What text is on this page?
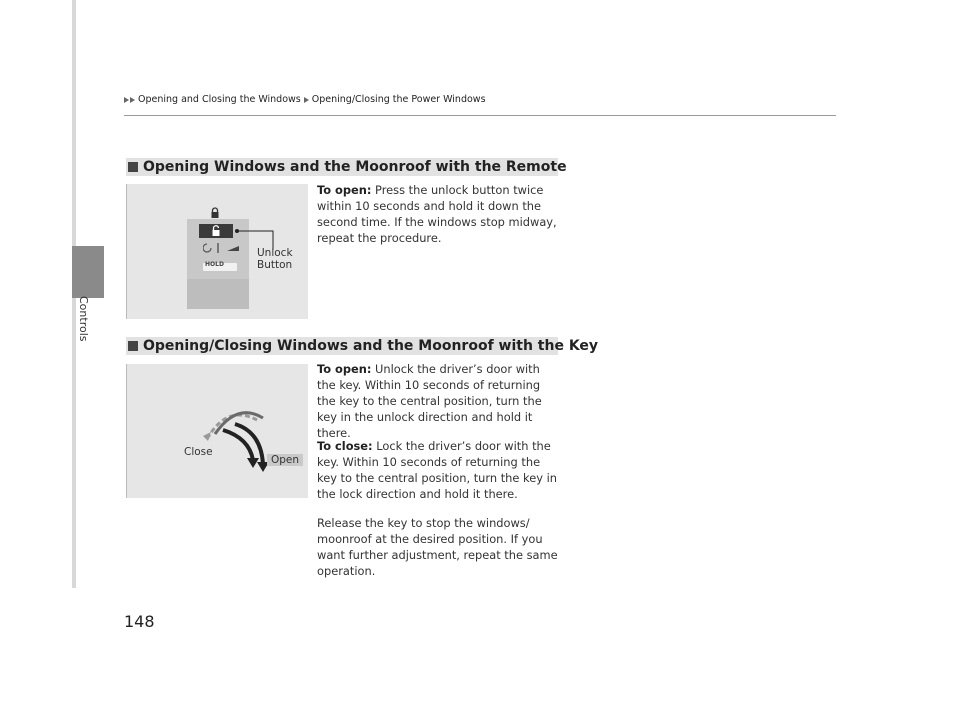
Controls
Opening and Closing the Windows Opening/Closing the Power Windows
Opening Windows and the Moonroof with the Remote
HOLD
Unlock
Button
To open: Press the unlock button twice within 10 seconds and hold it down the second time. If the windows stop midway, repeat the procedure.
Opening/Closing Windows and the Moonroof with the Key
Close
Open
To open: Unlock the driver’s door with the key. Within 10 seconds of returning the key to the central position, turn the key in the unlock direction and hold it there.
To close: Lock the driver’s door with the key. Within 10 seconds of returning the key to the central position, turn the key in the lock direction and hold it there.
Release the key to stop the windows/ moonroof at the desired position. If you want further adjustment, repeat the same operation.
148
